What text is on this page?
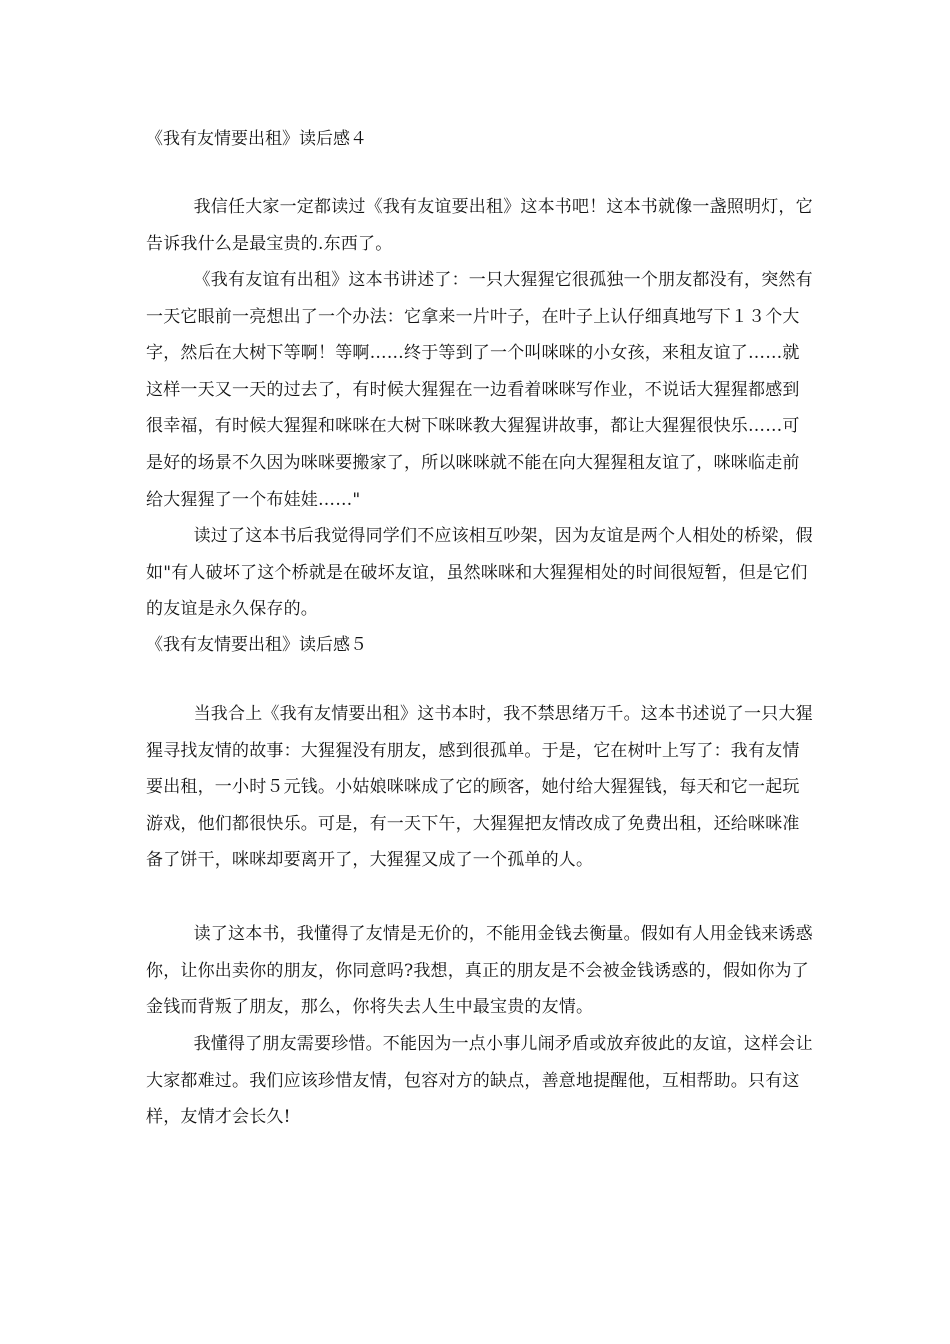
《我有友情要出租》读后感４

我信任大家一定都读过《我有友谊要出租》这本书吧！这本书就像一盏照明灯，它告诉我什么是最宝贵的.东西了。

《我有友谊有出租》这本书讲述了：一只大猩猩它很孤独一个朋友都没有，突然有一天它眼前一亮想出了一个办法：它拿来一片叶子，在叶子上认仔细真地写下１３个大字，然后在大树下等啊！等啊……终于等到了一个叫咪咪的小女孩，来租友谊了……就这样一天又一天的过去了，有时候大猩猩在一边看着咪咪写作业，不说话大猩猩都感到很幸福，有时候大猩猩和咪咪在大树下咪咪教大猩猩讲故事，都让大猩猩很快乐……可是好的场景不久因为咪咪要搬家了，所以咪咪就不能在向大猩猩租友谊了，咪咪临走前给大猩猩了一个布娃娃……"

读过了这本书后我觉得同学们不应该相互吵架，因为友谊是两个人相处的桥梁，假如"有人破坏了这个桥就是在破坏友谊，虽然咪咪和大猩猩相处的时间很短暂，但是它们的友谊是永久保存的。

《我有友情要出租》读后感５

当我合上《我有友情要出租》这书本时，我不禁思绪万千。这本书述说了一只大猩猩寻找友情的故事：大猩猩没有朋友，感到很孤单。于是，它在树叶上写了：我有友情要出租，一小时５元钱。小姑娘咪咪成了它的顾客，她付给大猩猩钱，每天和它一起玩游戏，他们都很快乐。可是，有一天下午，大猩猩把友情改成了免费出租，还给咪咪准备了饼干，咪咪却要离开了，大猩猩又成了一个孤单的人。

读了这本书，我懂得了友情是无价的，不能用金钱去衡量。假如有人用金钱来诱惑你，让你出卖你的朋友，你同意吗?我想，真正的朋友是不会被金钱诱惑的，假如你为了金钱而背叛了朋友，那么，你将失去人生中最宝贵的友情。

我懂得了朋友需要珍惜。不能因为一点小事儿闹矛盾或放弃彼此的友谊，这样会让大家都难过。我们应该珍惜友情，包容对方的缺点，善意地提醒他，互相帮助。只有这样，友情才会长久!
